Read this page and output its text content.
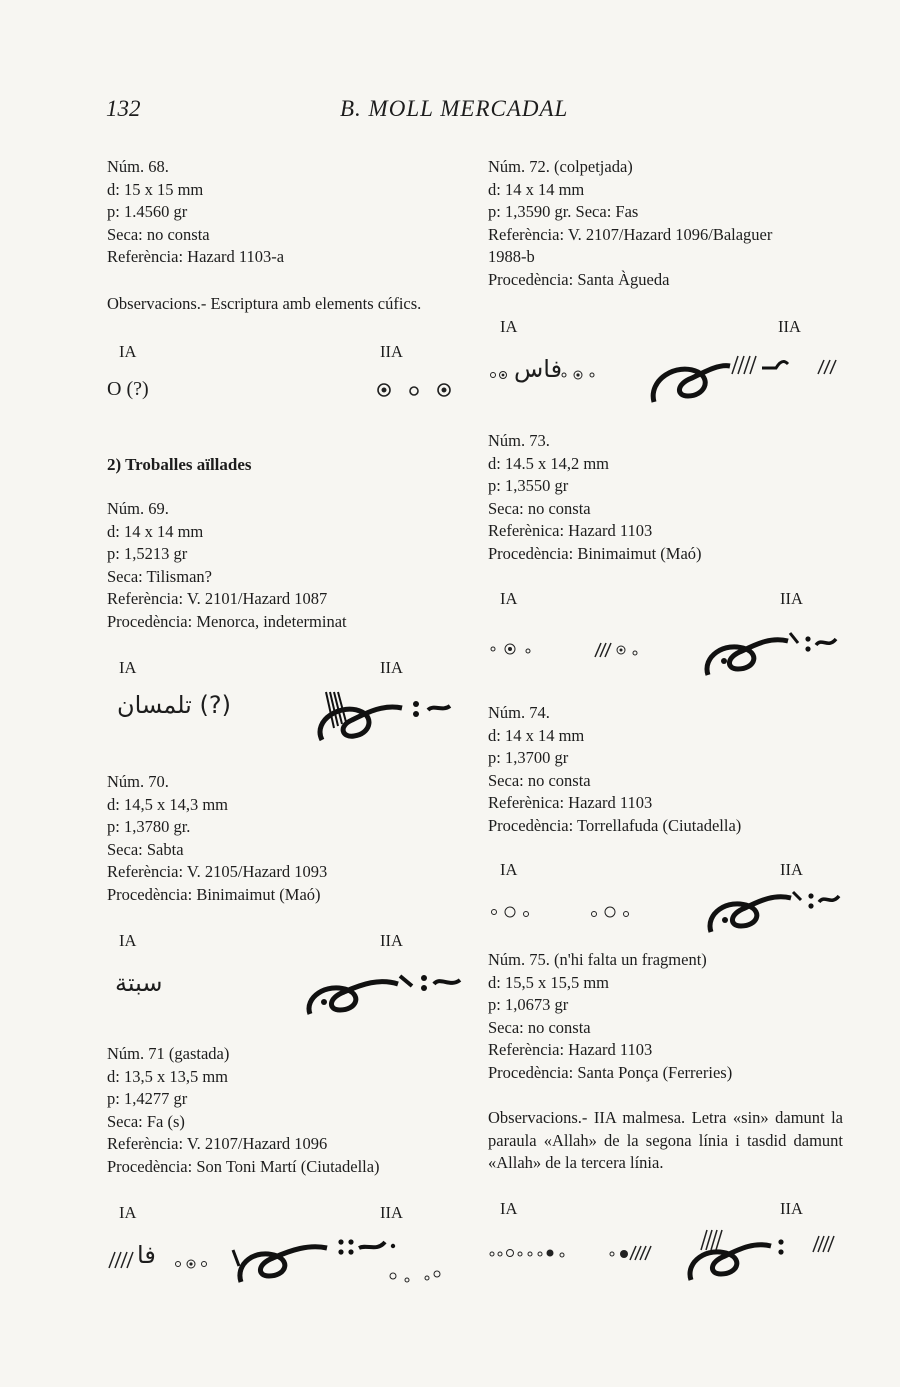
132	B. MOLL MERCADAL
Núm. 68.
d: 15 x 15 mm
p: 1.4560 gr
Seca: no consta
Referència: Hazard 1103-a
Observacions.- Escriptura amb elements cúfics.
IA	IIA
O (?)
2) Troballes aïllades
Núm. 69.
d: 14 x 14 mm
p: 1,5213 gr
Seca: Tilisman?
Referència: V. 2101/Hazard 1087
Procedència: Menorca, indeterminat
IA	IIA
تلمسان (?)
Núm. 70.
d: 14,5 x 14,3 mm
p: 1,3780 gr.
Seca: Sabta
Referència: V. 2105/Hazard 1093
Procedència: Binimaimut (Maó)
IA	IIA
سبتة
Núm. 71 (gastada)
d: 13,5 x 13,5 mm
p: 1,4277 gr
Seca: Fa (s)
Referència: V. 2107/Hazard 1096
Procedència: Son Toni Martí (Ciutadella)
IA	IIA
فا
Núm. 72. (colpetjada)
d: 14 x 14 mm
p: 1,3590 gr. Seca: Fas
Referència: V. 2107/Hazard 1096/Balaguer
1988-b
Procedència: Santa Àgueda
IA	IIA
فاس
Núm. 73.
d: 14.5 x 14,2 mm
p: 1,3550 gr
Seca: no consta
Referènica: Hazard 1103
Procedència: Binimaimut (Maó)
IA	IIA
Núm. 74.
d: 14 x 14 mm
p: 1,3700 gr
Seca: no consta
Referènica: Hazard 1103
Procedència: Torrellafuda (Ciutadella)
IA	IIA
Núm. 75. (n'hi falta un fragment)
d: 15,5 x 15,5 mm
p: 1,0673 gr
Seca: no consta
Referència: Hazard 1103
Procedència: Santa Ponça (Ferreries)
Observacions.- IIA malmesa. Letra «sin» damunt la paraula «Allah» de la segona línia i tasdid damunt «Allah» de la tercera línia.
IA	IIA
